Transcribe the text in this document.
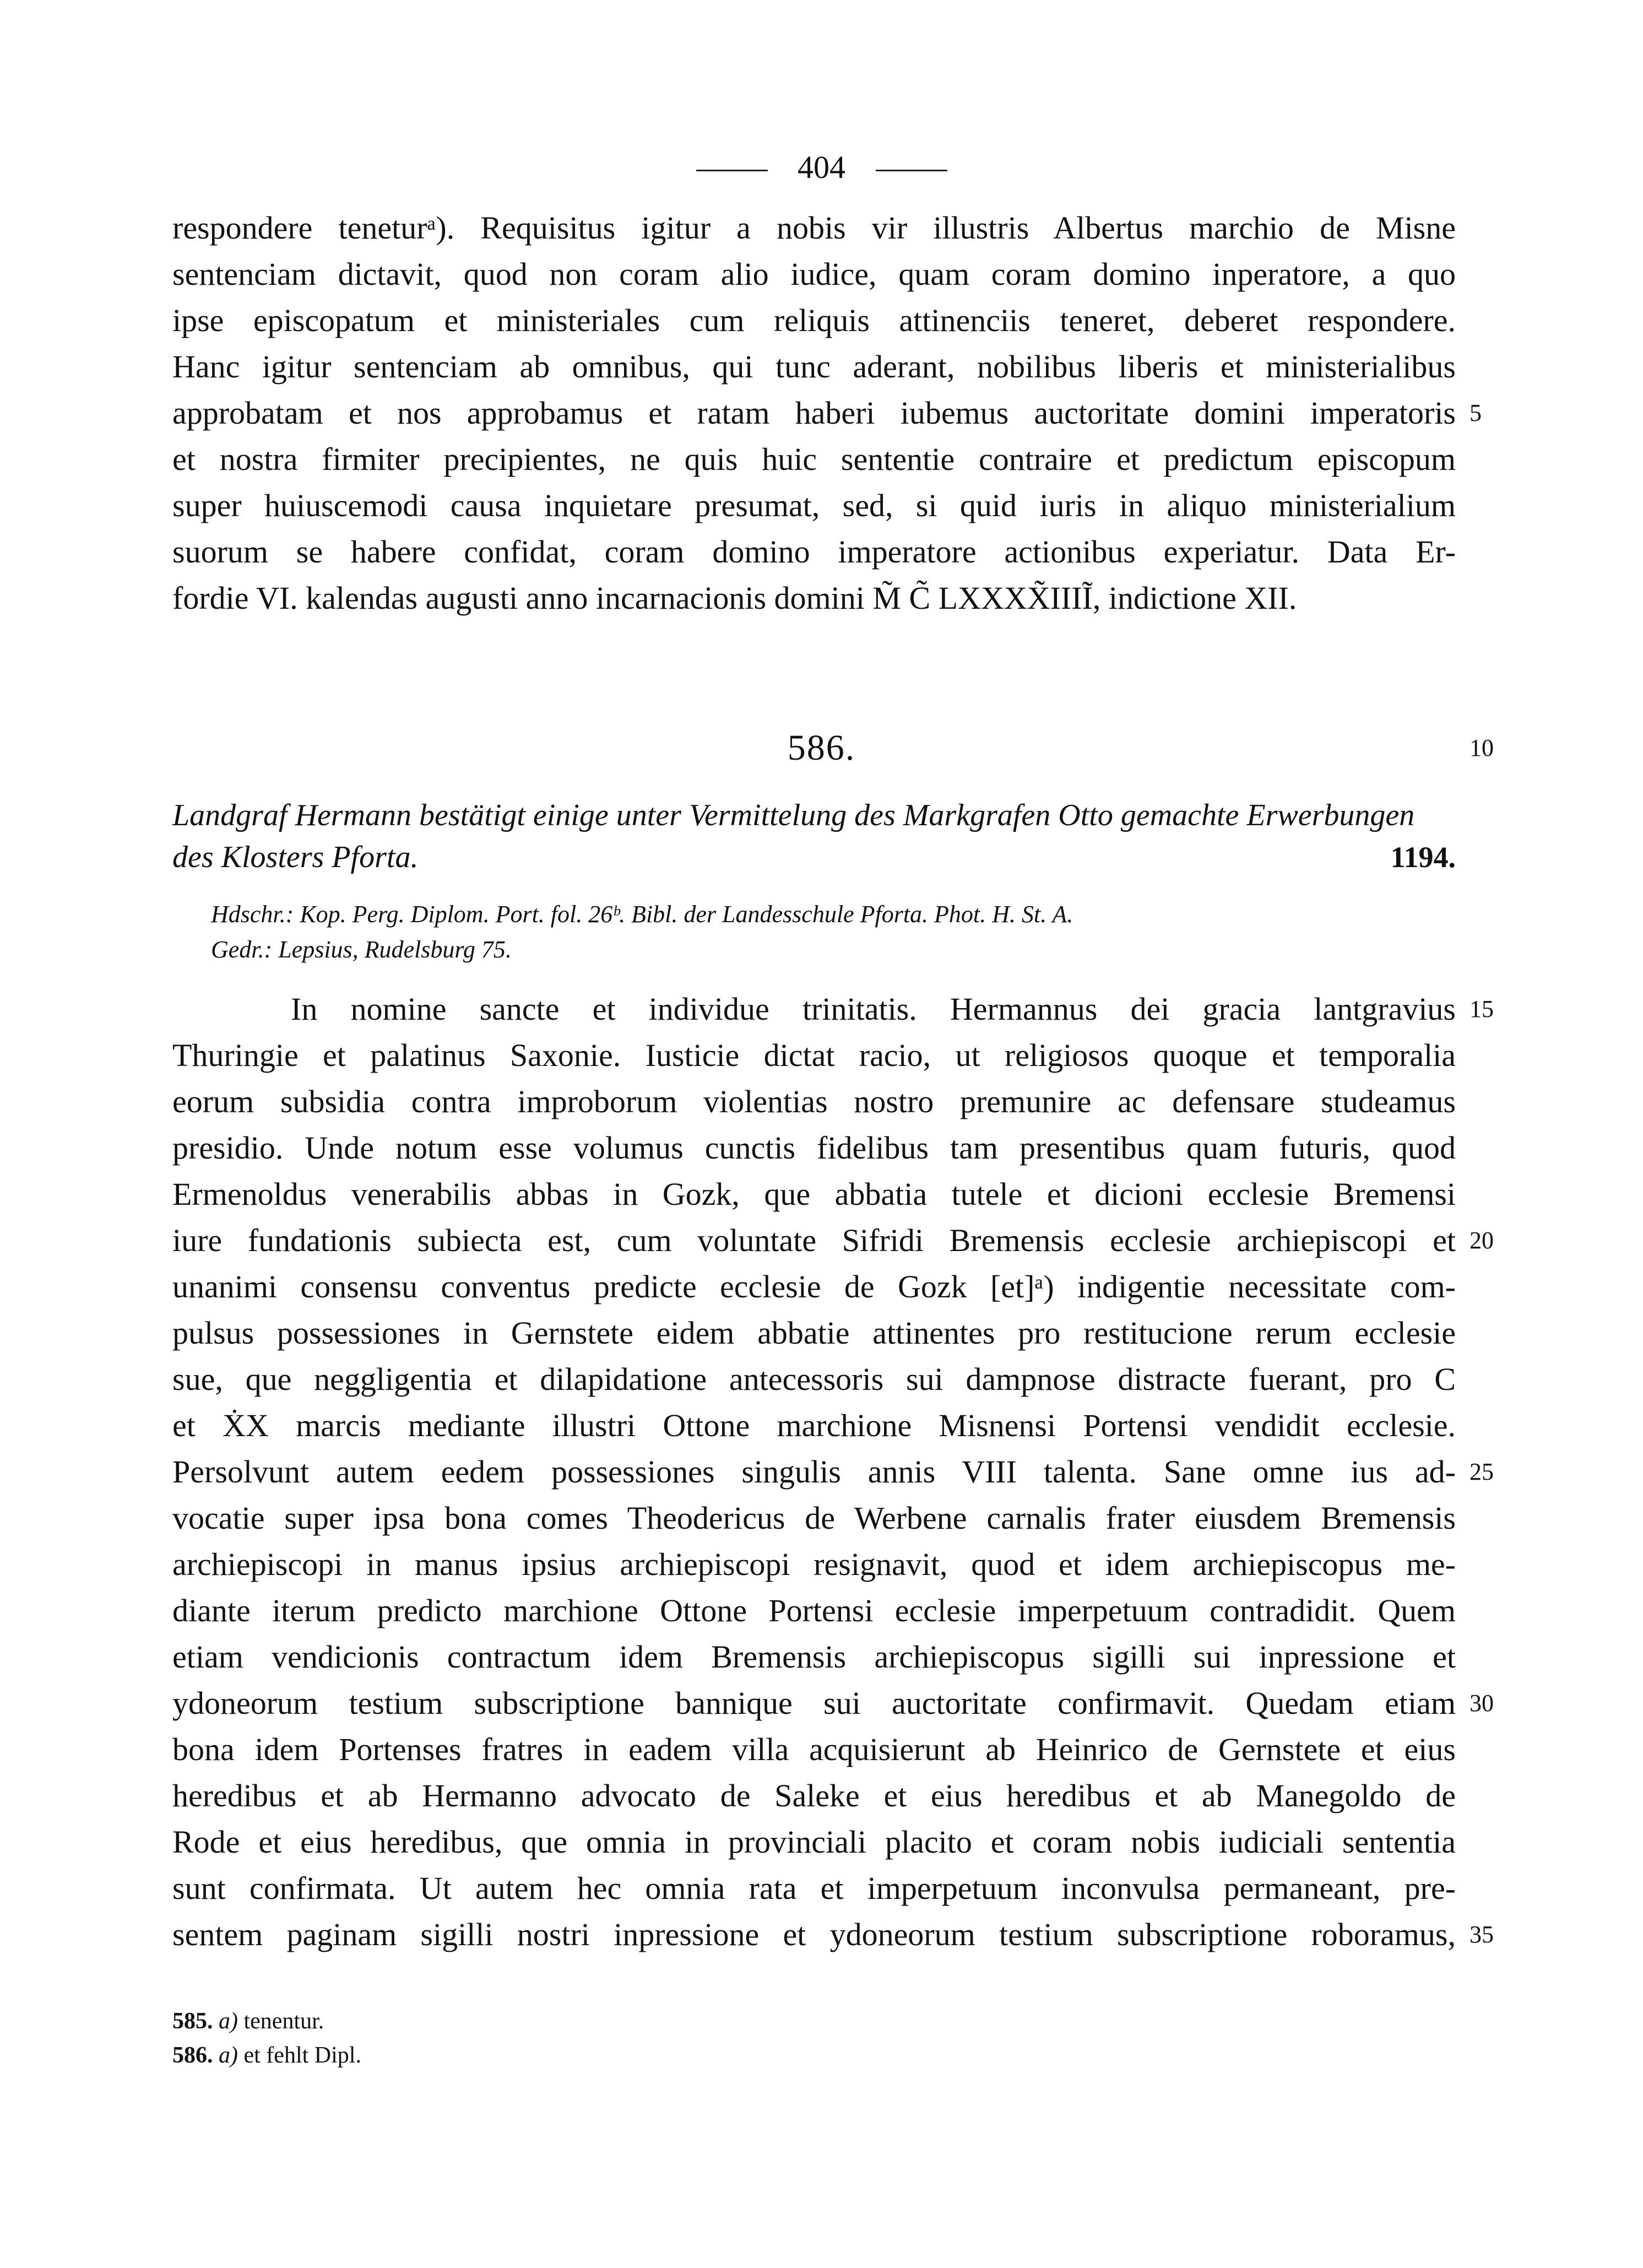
404
respondere teneturᵃ). Requisitus igitur a nobis vir illustris Albertus marchio de Misne
sentenciam dictavit, quod non coram alio iudice, quam coram domino inperatore, a quo
ipse episcopatum et ministeriales cum reliquis attinenciis teneret, deberet respondere.
Hanc igitur sentenciam ab omnibus, qui tunc aderant, nobilibus liberis et ministerialibus
approbatam et nos approbamus et ratam haberi iubemus auctoritate domini imperatoris
et nostra firmiter precipientes, ne quis huic sententie contraire et predictum episcopum
super huiuscemodi causa inquietare presumat, sed, si quid iuris in aliquo ministerialium
suorum se habere confidat, coram domino imperatore actionibus experiatur. Data Er-
fordie VI. kalendas augusti anno incarnacionis domini M̃ C̃ LXXXX̃IIIĨ, indictione XII.
5
586.	10
Landgraf Hermann bestätigt einige unter Vermittelung des Markgrafen Otto gemachte Erwerbungen
des Klosters Pforta.	1194.
Hdschr.: Kop. Perg. Diplom. Port. fol. 26ᵇ. Bibl. der Landesschule Pforta. Phot. H. St. A.
Gedr.: Lepsius, Rudelsburg 75.
In nomine sancte et individue trinitatis. Hermannus dei gracia lantgravius
Thuringie et palatinus Saxonie. Iusticie dictat racio, ut religiosos quoque et temporalia
eorum subsidia contra improborum violentias nostro premunire ac defensare studeamus
presidio. Unde notum esse volumus cunctis fidelibus tam presentibus quam futuris, quod
Ermenoldus venerabilis abbas in Gozk, que abbatia tutele et dicioni ecclesie Bremensi
iure fundationis subiecta est, cum voluntate Sifridi Bremensis ecclesie archiepiscopi et
unanimi consensu conventus predicte ecclesie de Gozk [et]ᵃ) indigentie necessitate com-
pulsus possessiones in Gernstete eidem abbatie attinentes pro restitucione rerum ecclesie
sue, que neggligentia et dilapidatione antecessoris sui dampnose distracte fuerant, pro C
et ẊX marcis mediante illustri Ottone marchione Misnensi Portensi vendidit ecclesie.
Persolvunt autem eedem possessiones singulis annis VIII talenta. Sane omne ius ad-
vocatie super ipsa bona comes Theodericus de Werbene carnalis frater eiusdem Bremensis
archiepiscopi in manus ipsius archiepiscopi resignavit, quod et idem archiepiscopus me-
diante iterum predicto marchione Ottone Portensi ecclesie imperpetuum contradidit. Quem
etiam vendicionis contractum idem Bremensis archiepiscopus sigilli sui inpressione et
ydoneorum testium subscriptione bannique sui auctoritate confirmavit. Quedam etiam
bona idem Portenses fratres in eadem villa acquisierunt ab Heinrico de Gernstete et eius
heredibus et ab Hermanno advocato de Saleke et eius heredibus et ab Manegoldo de
Rode et eius heredibus, que omnia in provinciali placito et coram nobis iudiciali sententia
sunt confirmata. Ut autem hec omnia rata et imperpetuum inconvulsa permaneant, pre-
sentem paginam sigilli nostri inpressione et ydoneorum testium subscriptione roboramus,
15
20
25
30
35
585. a) tenentur.
586. a) et fehlt Dipl.
